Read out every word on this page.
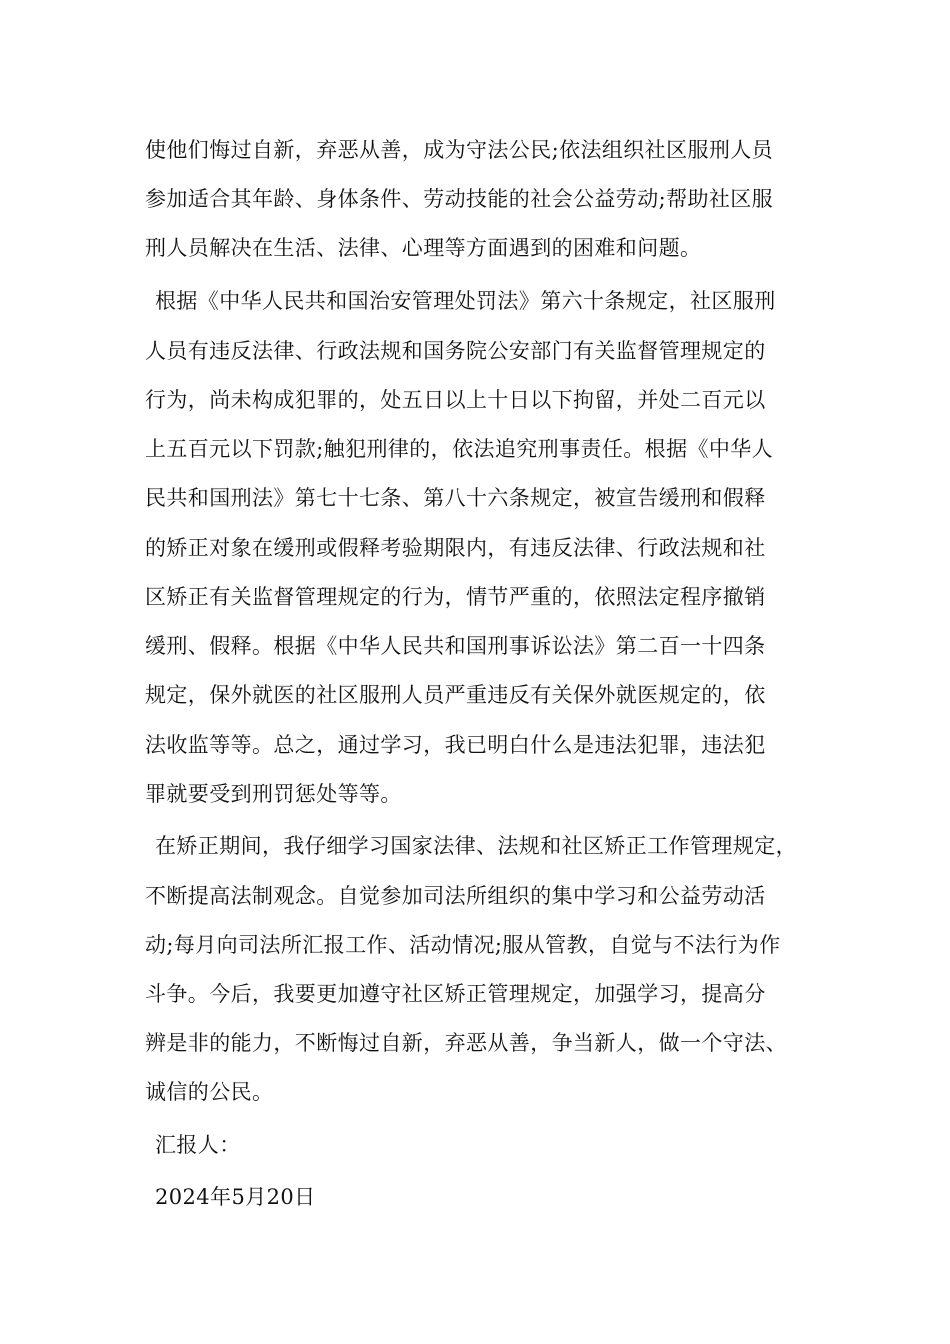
使他们悔过自新，弃恶从善，成为守法公民;依法组织社区服刑人员

参加适合其年龄、身体条件、劳动技能的社会公益劳动;帮助社区服

刑人员解决在生活、法律、心理等方面遇到的困难和问题。

根据《中华人民共和国治安管理处罚法》第六十条规定，社区服刑

人员有违反法律、行政法规和国务院公安部门有关监督管理规定的

行为，尚未构成犯罪的，处五日以上十日以下拘留，并处二百元以

上五百元以下罚款;触犯刑律的，依法追究刑事责任。根据《中华人

民共和国刑法》第七十七条、第八十六条规定，被宣告缓刑和假释

的矫正对象在缓刑或假释考验期限内，有违反法律、行政法规和社

区矫正有关监督管理规定的行为，情节严重的，依照法定程序撤销

缓刑、假释。根据《中华人民共和国刑事诉讼法》第二百一十四条

规定，保外就医的社区服刑人员严重违反有关保外就医规定的，依

法收监等等。总之，通过学习，我已明白什么是违法犯罪，违法犯

罪就要受到刑罚惩处等等。

在矫正期间，我仔细学习国家法律、法规和社区矫正工作管理规定，

不断提高法制观念。自觉参加司法所组织的集中学习和公益劳动活

动;每月向司法所汇报工作、活动情况;服从管教，自觉与不法行为作

斗争。今后，我要更加遵守社区矫正管理规定，加强学习，提高分

辨是非的能力，不断悔过自新，弃恶从善，争当新人，做一个守法、

诚信的公民。

汇报人：

2024年5月20日
